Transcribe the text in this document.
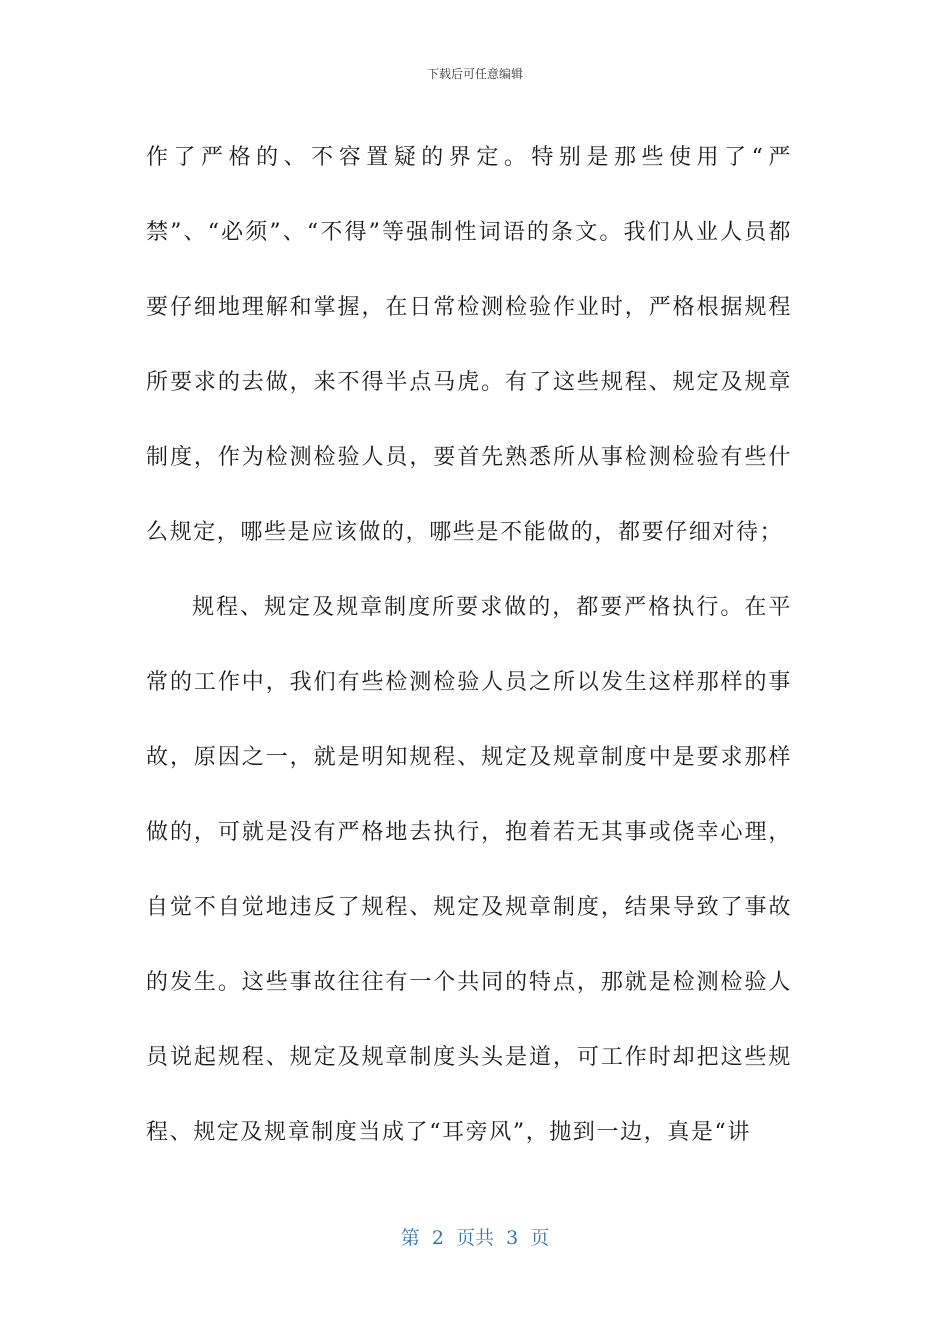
下载后可任意编辑

作了严格的、不容置疑的界定。特别是那些使用了“严禁”、“必须”、“不得”等强制性词语的条文。我们从业人员都要仔细地理解和掌握，在日常检测检验作业时，严格根据规程所要求的去做，来不得半点马虎。有了这些规程、规定及规章制度，作为检测检验人员，要首先熟悉所从事检测检验有些什么规定，哪些是应该做的，哪些是不能做的，都要仔细对待；

规程、规定及规章制度所要求做的，都要严格执行。在平常的工作中，我们有些检测检验人员之所以发生这样那样的事故，原因之一，就是明知规程、规定及规章制度中是要求那样做的，可就是没有严格地去执行，抱着若无其事或侥幸心理，自觉不自觉地违反了规程、规定及规章制度，结果导致了事故的发生。这些事故往往有一个共同的特点，那就是检测检验人员说起规程、规定及规章制度头头是道，可工作时却把这些规程、规定及规章制度当成了“耳旁风”，抛到一边，真是“讲

第  2  页共  3  页
